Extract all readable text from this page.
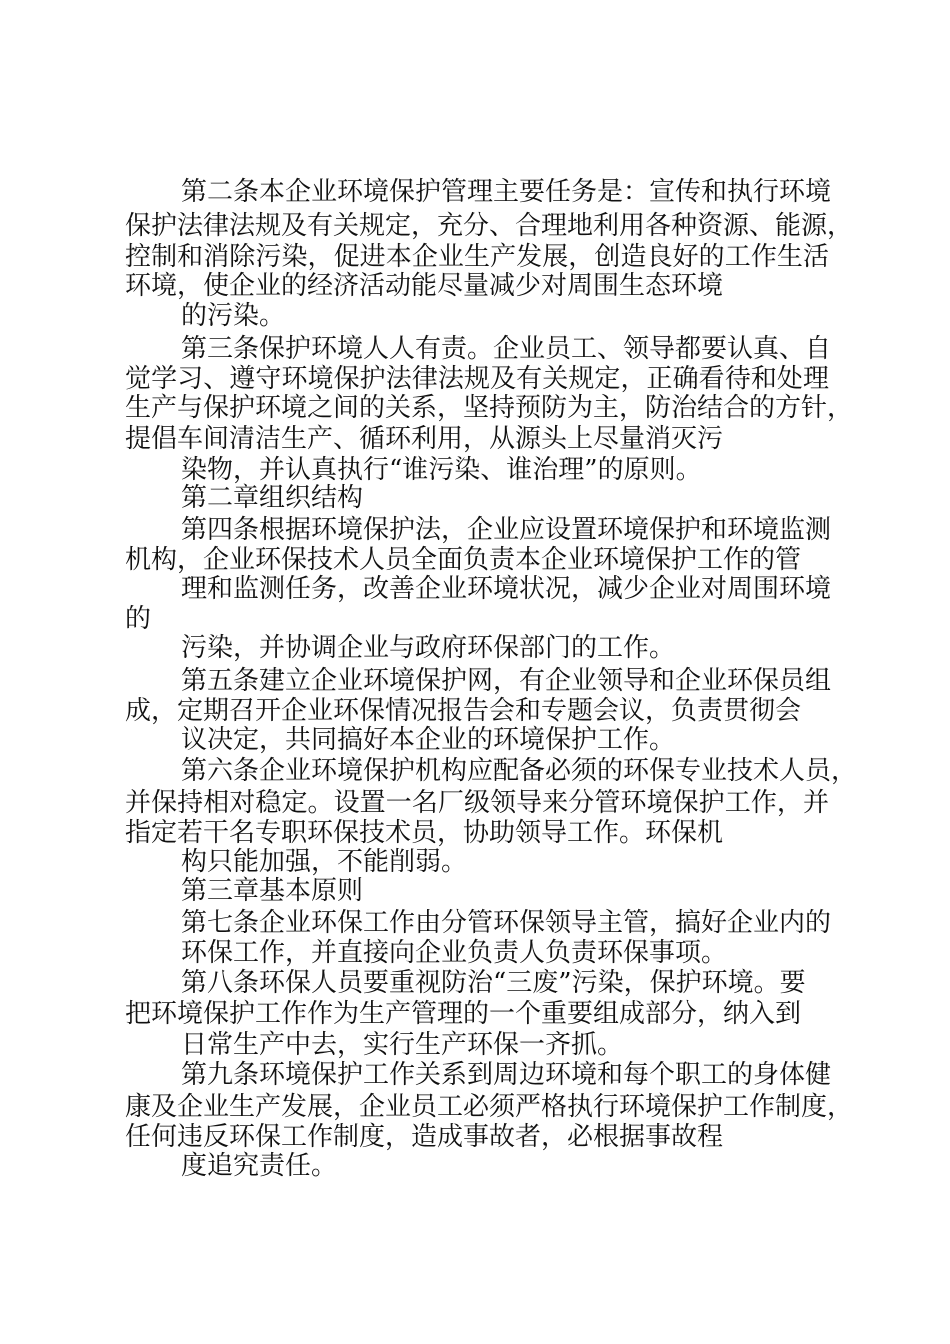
第二条本企业环境保护管理主要任务是：宣传和执行环境
保护法律法规及有关规定，充分、合理地利用各种资源、能源，
控制和消除污染，促进本企业生产发展，创造良好的工作生活
环境，使企业的经济活动能尽量减少对周围生态环境
的污染。
第三条保护环境人人有责。企业员工、领导都要认真、自
觉学习、遵守环境保护法律法规及有关规定，正确看待和处理
生产与保护环境之间的关系，坚持预防为主，防治结合的方针，
提倡车间清洁生产、循环利用，从源头上尽量消灭污
染物，并认真执行“谁污染、谁治理”的原则。
第二章组织结构
第四条根据环境保护法，企业应设置环境保护和环境监测
机构，企业环保技术人员全面负责本企业环境保护工作的管
理和监测任务，改善企业环境状况，减少企业对周围环境
的
污染，并协调企业与政府环保部门的工作。
第五条建立企业环境保护网，有企业领导和企业环保员组
成，定期召开企业环保情况报告会和专题会议，负责贯彻会
议决定，共同搞好本企业的环境保护工作。
第六条企业环境保护机构应配备必须的环保专业技术人员，
并保持相对稳定。设置一名厂级领导来分管环境保护工作，并
指定若干名专职环保技术员，协助领导工作。环保机
构只能加强，不能削弱。
第三章基本原则
第七条企业环保工作由分管环保领导主管，搞好企业内的
环保工作，并直接向企业负责人负责环保事项。
第八条环保人员要重视防治“三废”污染，保护环境。要
把环境保护工作作为生产管理的一个重要组成部分，纳入到
日常生产中去，实行生产环保一齐抓。
第九条环境保护工作关系到周边环境和每个职工的身体健
康及企业生产发展，企业员工必须严格执行环境保护工作制度，
任何违反环保工作制度，造成事故者，必根据事故程
度追究责任。
